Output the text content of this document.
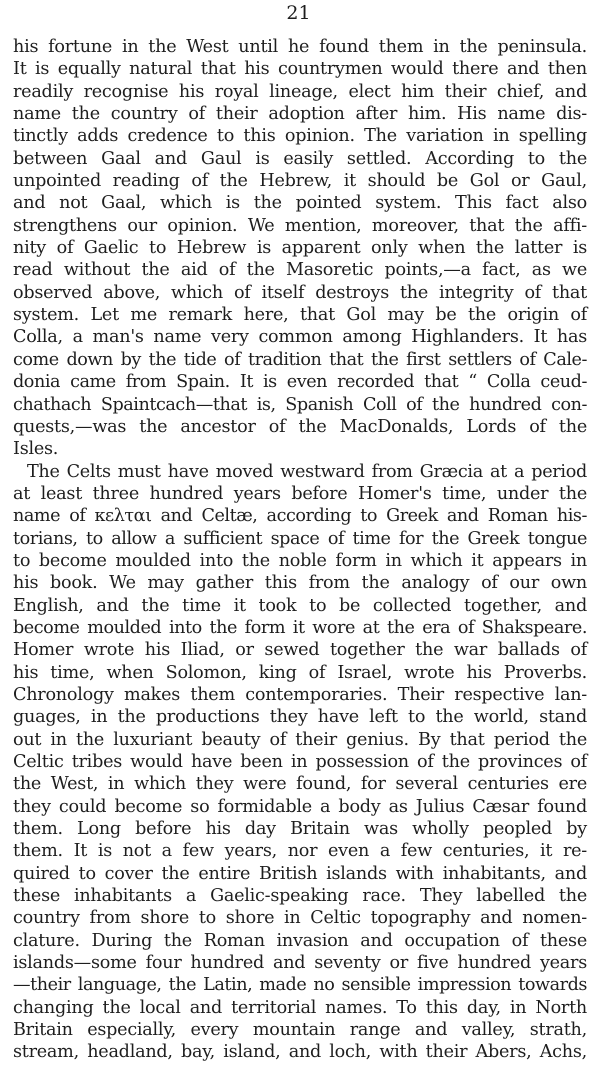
21
his fortune in the West until he found them in the peninsula.
It is equally natural that his countrymen would there and then
readily recognise his royal lineage, elect him their chief, and
name the country of their adoption after him. His name dis-
tinctly adds credence to this opinion. The variation in spelling
between Gaal and Gaul is easily settled. According to the
unpointed reading of the Hebrew, it should be Gol or Gaul,
and not Gaal, which is the pointed system. This fact also
strengthens our opinion. We mention, moreover, that the affi-
nity of Gaelic to Hebrew is apparent only when the latter is
read without the aid of the Masoretic points,—a fact, as we
observed above, which of itself destroys the integrity of that
system. Let me remark here, that Gol may be the origin of
Colla, a man's name very common among Highlanders. It has
come down by the tide of tradition that the first settlers of Cale-
donia came from Spain. It is even recorded that “ Colla ceud-
chathach Spaintcach—that is, Spanish Coll of the hundred con-
quests,—was the ancestor of the MacDonalds, Lords of the
Isles.
The Celts must have moved westward from Græcia at a period
at least three hundred years before Homer's time, under the
name of κελται and Celtæ, according to Greek and Roman his-
torians, to allow a sufficient space of time for the Greek tongue
to become moulded into the noble form in which it appears in
his book. We may gather this from the analogy of our own
English, and the time it took to be collected together, and
become moulded into the form it wore at the era of Shakspeare.
Homer wrote his Iliad, or sewed together the war ballads of
his time, when Solomon, king of Israel, wrote his Proverbs.
Chronology makes them contemporaries. Their respective lan-
guages, in the productions they have left to the world, stand
out in the luxuriant beauty of their genius. By that period the
Celtic tribes would have been in possession of the provinces of
the West, in which they were found, for several centuries ere
they could become so formidable a body as Julius Cæsar found
them. Long before his day Britain was wholly peopled by
them. It is not a few years, nor even a few centuries, it re-
quired to cover the entire British islands with inhabitants, and
these inhabitants a Gaelic-speaking race. They labelled the
country from shore to shore in Celtic topography and nomen-
clature. During the Roman invasion and occupation of these
islands—some four hundred and seventy or five hundred years
—their language, the Latin, made no sensible impression towards
changing the local and territorial names. To this day, in North
Britain especially, every mountain range and valley, strath,
stream, headland, bay, island, and loch, with their Abers, Achs,
